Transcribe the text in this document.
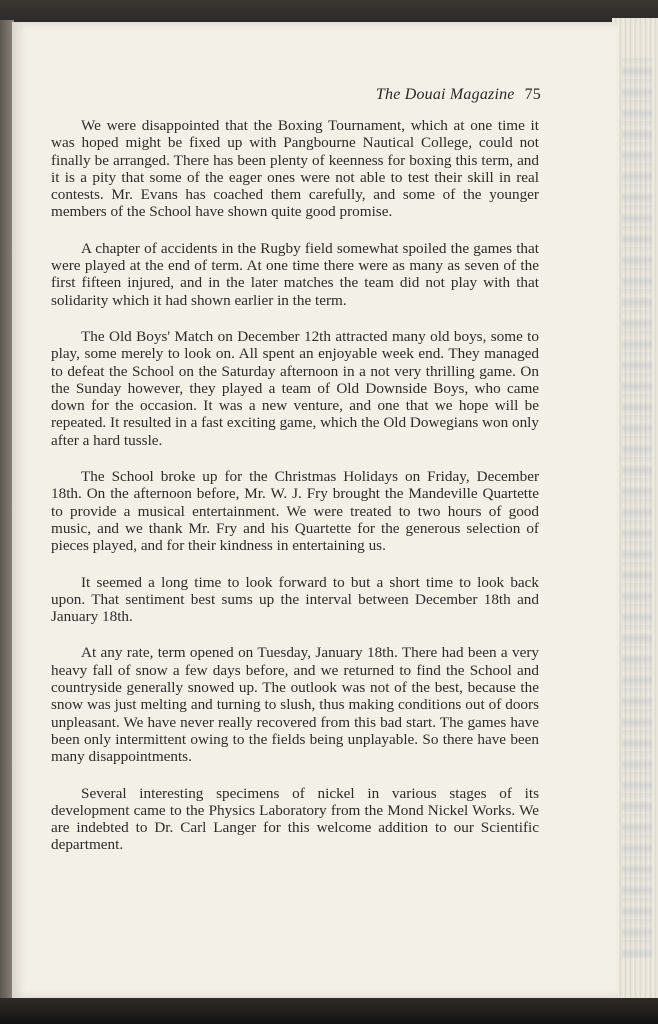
The Douai Magazine 75

We were disappointed that the Boxing Tournament, which at one time it was hoped might be fixed up with Pangbourne Nautical College, could not finally be arranged. There has been plenty of keenness for boxing this term, and it is a pity that some of the eager ones were not able to test their skill in real contests. Mr. Evans has coached them carefully, and some of the younger members of the School have shown quite good promise.

A chapter of accidents in the Rugby field somewhat spoiled the games that were played at the end of term. At one time there were as many as seven of the first fifteen injured, and in the later matches the team did not play with that solidarity which it had shown earlier in the term.

The Old Boys' Match on December 12th attracted many old boys, some to play, some merely to look on. All spent an enjoyable week end. They managed to defeat the School on the Saturday afternoon in a not very thrilling game. On the Sunday however, they played a team of Old Downside Boys, who came down for the occasion. It was a new venture, and one that we hope will be repeated. It resulted in a fast exciting game, which the Old Dowegians won only after a hard tussle.

The School broke up for the Christmas Holidays on Friday, December 18th. On the afternoon before, Mr. W. J. Fry brought the Mandeville Quartette to provide a musical entertainment. We were treated to two hours of good music, and we thank Mr. Fry and his Quartette for the generous selection of pieces played, and for their kindness in entertaining us.

It seemed a long time to look forward to but a short time to look back upon. That sentiment best sums up the interval between December 18th and January 18th.

At any rate, term opened on Tuesday, January 18th. There had been a very heavy fall of snow a few days before, and we returned to find the School and countryside generally snowed up. The outlook was not of the best, because the snow was just melting and turning to slush, thus making conditions out of doors unpleasant. We have never really recovered from this bad start. The games have been only intermittent owing to the fields being unplayable. So there have been many disappointments.

Several interesting specimens of nickel in various stages of its development came to the Physics Laboratory from the Mond Nickel Works. We are indebted to Dr. Carl Langer for this welcome addition to our Scientific department.
